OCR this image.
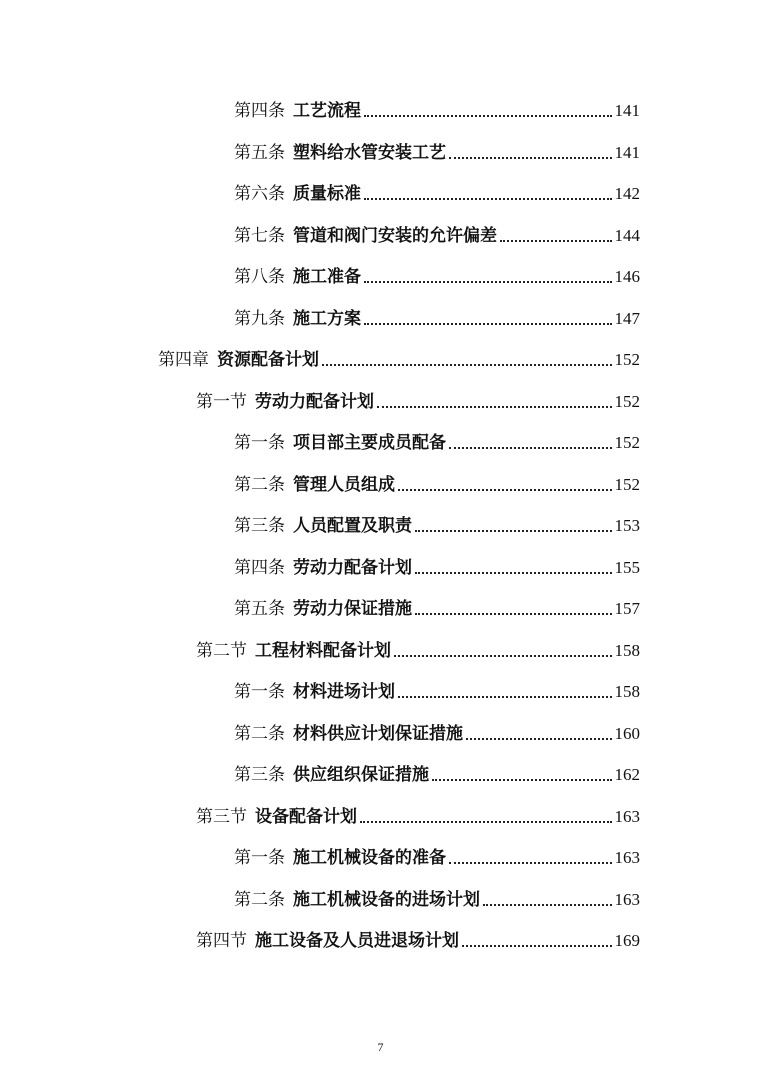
第四条 工艺流程	141
第五条 塑料给水管安装工艺	141
第六条 质量标准	142
第七条 管道和阀门安装的允许偏差	144
第八条 施工准备	146
第九条 施工方案	147
第四章 资源配备计划	152
第一节 劳动力配备计划	152
第一条 项目部主要成员配备	152
第二条 管理人员组成	152
第三条 人员配置及职责	153
第四条 劳动力配备计划	155
第五条 劳动力保证措施	157
第二节 工程材料配备计划	158
第一条 材料进场计划	158
第二条 材料供应计划保证措施	160
第三条 供应组织保证措施	162
第三节 设备配备计划	163
第一条 施工机械设备的准备	163
第二条 施工机械设备的进场计划	163
第四节 施工设备及人员进退场计划	169
7
